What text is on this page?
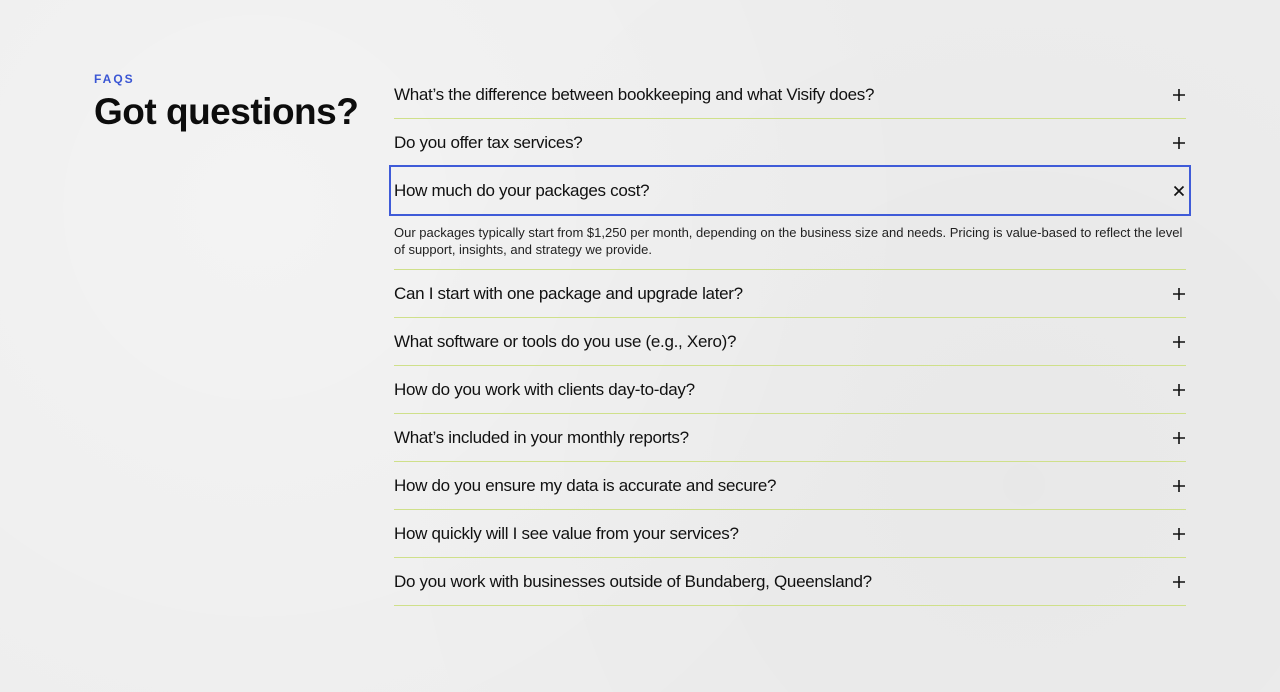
FAQS

Got questions?	What’s the difference between bookkeeping and what Visify does?
Do you offer tax services?
How much do your packages cost?

Our packages typically start from $1,250 per month, depending on the business size and needs. Pricing is value-based to reflect the level of support, insights, and strategy we provide.

Can I start with one package and upgrade later?
What software or tools do you use (e.g., Xero)?
How do you work with clients day-to-day?
What’s included in your monthly reports?
How do you ensure my data is accurate and secure?
How quickly will I see value from your services?
Do you work with businesses outside of Bundaberg, Queensland?
